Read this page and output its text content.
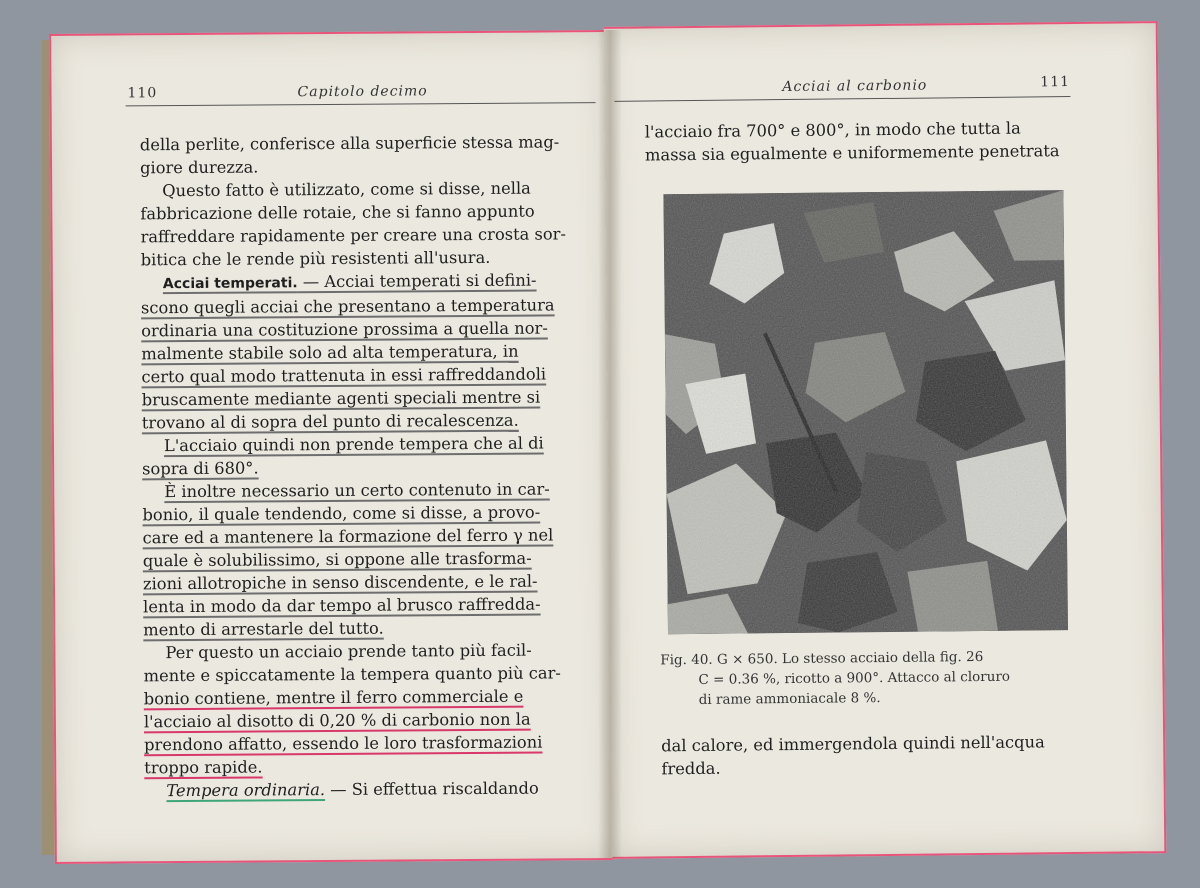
110	Capitolo decimo

della perlite, conferisce alla superficie stessa mag-

giore durezza.

Questo fatto è utilizzato, come si disse, nella

fabbricazione delle rotaie, che si fanno appunto

raffreddare rapidamente per creare una crosta sor-

bitica che le rende più resistenti all'usura.

Acciai temperati. — Acciai temperati si defini-

scono quegli acciai che presentano a temperatura

ordinaria una costituzione prossima a quella nor-

malmente stabile solo ad alta temperatura, in

certo qual modo trattenuta in essi raffreddandoli

bruscamente mediante agenti speciali mentre si

trovano al di sopra del punto di recalescenza.

L'acciaio quindi non prende tempera che al di

sopra di 680°.

È inoltre necessario un certo contenuto in car-

bonio, il quale tendendo, come si disse, a provo-

care ed a mantenere la formazione del ferro γ nel

quale è solubilissimo, si oppone alle trasforma-

zioni allotropiche in senso discendente, e le ral-

lenta in modo da dar tempo al brusco raffredda-

mento di arrestarle del tutto.

Per questo un acciaio prende tanto più facil-

mente e spiccatamente la tempera quanto più car-

bonio contiene, mentre il ferro commerciale e

l'acciaio al disotto di 0,20 % di carbonio non la

prendono affatto, essendo le loro trasformazioni

troppo rapide.

Tempera ordinaria. — Si effettua riscaldando

Acciai al carbonio	111

l'acciaio fra 700° e 800°, in modo che tutta la

massa sia egualmente e uniformemente penetrata

Fig. 40. G × 650. Lo stesso acciaio della fig. 26

C = 0.36 %, ricotto a 900°. Attacco al cloruro

di rame ammoniacale 8 %.

dal calore, ed immergendola quindi nell'acqua

fredda.
